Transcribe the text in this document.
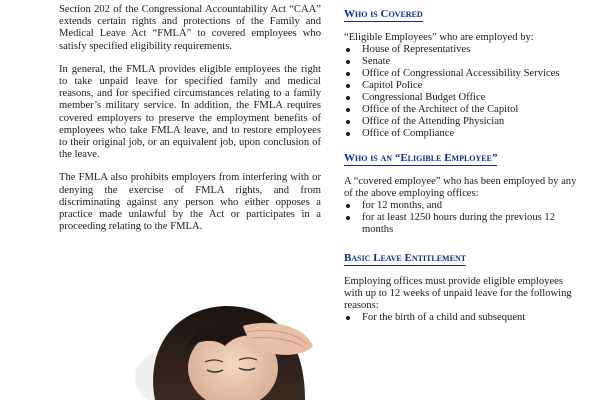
Section 202 of the Congressional Accountability Act “CAA” extends certain rights and protections of the Family and Medical Leave Act “FMLA” to covered employees who satisfy specified eligibility requirements.

In general, the FMLA provides eligible employees the right to take unpaid leave for specified family and medical reasons, and for specified circumstances relating to a family member’s military service. In addition, the FMLA requires covered employers to preserve the employment benefits of employees who take FMLA leave, and to restore employees to their original job, or an equivalent job, upon conclusion of the leave.

The FMLA also prohibits employers from interfering with or denying the exercise of FMLA rights, and from discriminating against any person who either opposes a practice made unlawful by the Act or participates in a proceeding relating to the FMLA.

Who is Covered

“Eligible Employees” who are employed by:

House of Representatives
Senate
Office of Congressional Accessibility Services
Capitol Police
Congressional Budget Office
Office of the Architect of the Capitol
Office of the Attending Physician
Office of Compliance
Who is an “Eligible Employee”

A “covered employee” who has been employed by any of the above employing offices:

for 12 months, and
for at least 1250 hours during the previous 12 months
Basic Leave Entitlement

Employing offices must provide eligible employees with up to 12 weeks of unpaid leave for the following reasons:

For the birth of a child and subsequent
